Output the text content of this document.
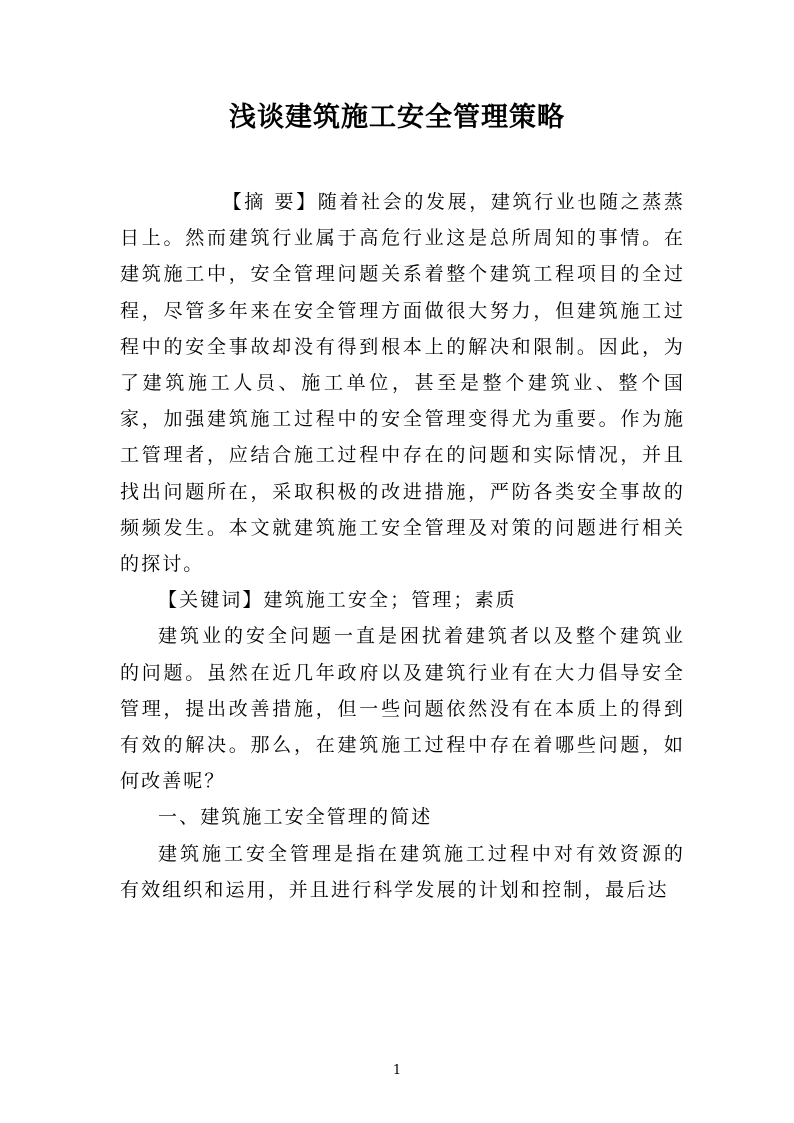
浅谈建筑施工安全管理策略

【摘 要】随着社会的发展，建筑行业也随之蒸蒸日上。然而建筑行业属于高危行业这是总所周知的事情。在建筑施工中，安全管理问题关系着整个建筑工程项目的全过程，尽管多年来在安全管理方面做很大努力，但建筑施工过程中的安全事故却没有得到根本上的解决和限制。因此，为了建筑施工人员、施工单位，甚至是整个建筑业、整个国家，加强建筑施工过程中的安全管理变得尤为重要。作为施工管理者，应结合施工过程中存在的问题和实际情况，并且找出问题所在，采取积极的改进措施，严防各类安全事故的频频发生。本文就建筑施工安全管理及对策的问题进行相关的探讨。

【关键词】建筑施工安全；管理；素质

建筑业的安全问题一直是困扰着建筑者以及整个建筑业的问题。虽然在近几年政府以及建筑行业有在大力倡导安全管理，提出改善措施，但一些问题依然没有在本质上的得到有效的解决。那么，在建筑施工过程中存在着哪些问题，如何改善呢？

一、建筑施工安全管理的简述

建筑施工安全管理是指在建筑施工过程中对有效资源的有效组织和运用，并且进行科学发展的计划和控制，最后达

1
